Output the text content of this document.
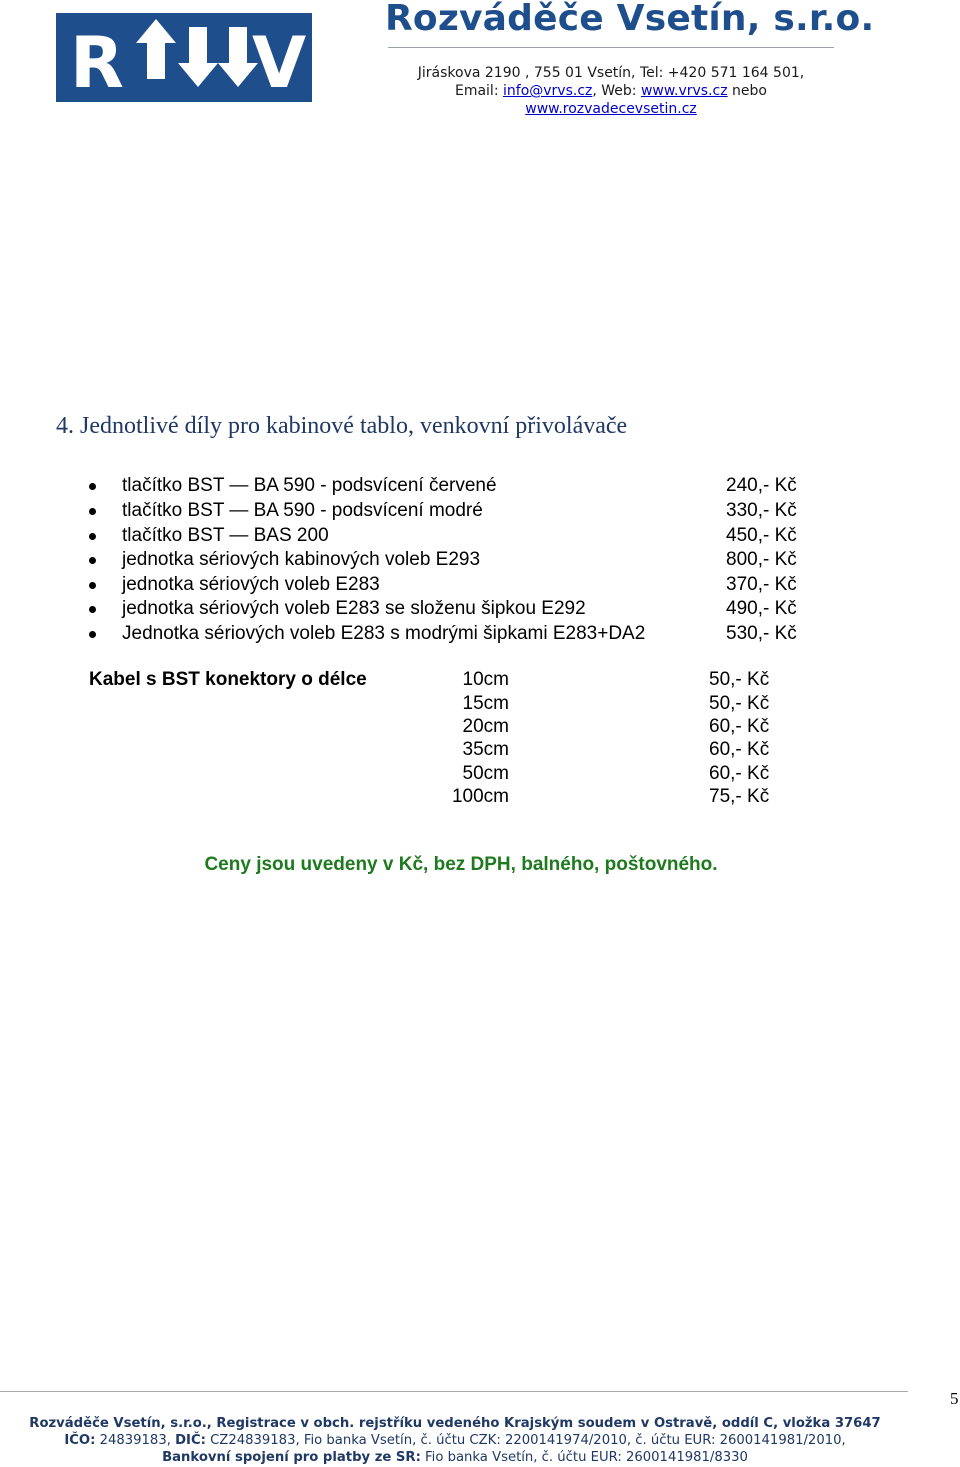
R V
Rozváděče Vsetín, s.r.o.
Jiráskova 2190 , 755 01 Vsetín, Tel: +420 571 164 501,
Email: info@vrvs.cz, Web: www.vrvs.cz nebo
www.rozvadecevsetin.cz
4. Jednotlivé díly pro kabinové tablo, venkovní přivolávače
tlačítko BST — BA 590 - podsvícení červené	240,- Kč
tlačítko BST — BA 590 - podsvícení modré	330,- Kč
tlačítko BST — BAS 200	450,- Kč
jednotka sériových kabinových voleb E293	800,- Kč
jednotka sériových voleb E283	370,- Kč
jednotka sériových voleb E283 se složenu šipkou E292	490,- Kč
Jednotka sériových voleb E283 s modrými šipkami E283+DA2	530,- Kč
Kabel s BST konektory o délce	10cm	50,- Kč
15cm	50,- Kč
20cm	60,- Kč
35cm	60,- Kč
50cm	60,- Kč
100cm	75,- Kč
Ceny jsou uvedeny v Kč, bez DPH, balného, poštovného.
5
Rozváděče Vsetín, s.r.o., Registrace v obch. rejstříku vedeného Krajským soudem v Ostravě, oddíl C, vložka 37647
IČO: 24839183, DIČ: CZ24839183, Fio banka Vsetín, č. účtu CZK: 2200141974/2010, č. účtu EUR: 2600141981/2010,
Bankovní spojení pro platby ze SR: Fio banka Vsetín, č. účtu EUR: 2600141981/8330
